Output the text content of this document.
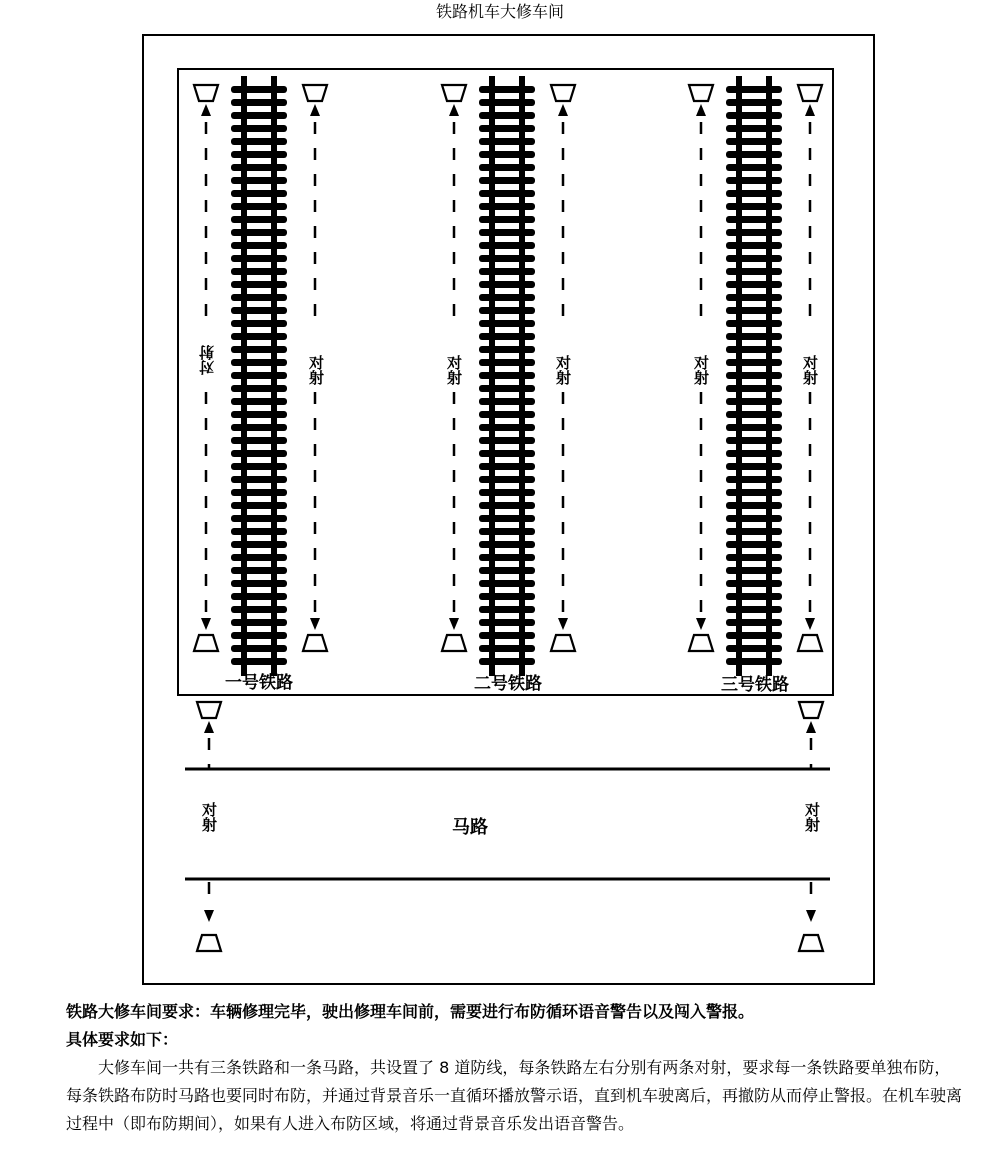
铁路机车大修车间
一号铁路	二号铁路	三号铁路
对射	对射	对射	对射	对射	对射
马路
对射	对射
铁路大修车间要求：车辆修理完毕，驶出修理车间前，需要进行布防循环语音警告以及闯入警报。
具体要求如下：

大修车间一共有三条铁路和一条马路，共设置了 8 道防线，每条铁路左右分别有两条对射，要求每一条铁路要单独布防，每条铁路布防时马路也要同时布防，并通过背景音乐一直循环播放警示语，直到机车驶离后，再撤防从而停止警报。在机车驶离过程中（即布防期间），如果有人进入布防区域，将通过背景音乐发出语音警告。
